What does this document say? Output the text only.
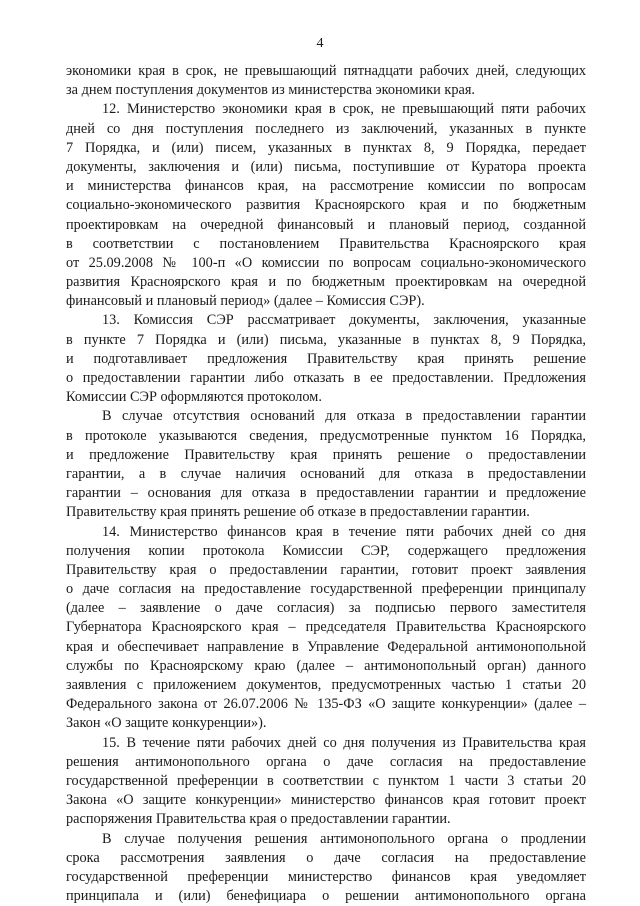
4
экономики края в срок, не превышающий пятнадцати рабочих дней, следующих
за днем поступления документов из министерства экономики края.
12. Министерство экономики края в срок, не превышающий пяти рабочих
дней со дня поступления последнего из заключений, указанных в пункте
7 Порядка, и (или) писем, указанных в пунктах 8, 9 Порядка, передает
документы, заключения и (или) письма, поступившие от Куратора проекта
и министерства финансов края, на рассмотрение комиссии по вопросам
социально-экономического развития Красноярского края и по бюджетным
проектировкам на очередной финансовый и плановый период, созданной
в соответствии с постановлением Правительства Красноярского края
от 25.09.2008 № 100-п «О комиссии по вопросам социально-экономического
развития Красноярского края и по бюджетным проектировкам на очередной
финансовый и плановый период» (далее – Комиссия СЭР).
13. Комиссия СЭР рассматривает документы, заключения, указанные
в пункте 7 Порядка и (или) письма, указанные в пунктах 8, 9 Порядка,
и подготавливает предложения Правительству края принять решение
о предоставлении гарантии либо отказать в ее предоставлении. Предложения
Комиссии СЭР оформляются протоколом.
В случае отсутствия оснований для отказа в предоставлении гарантии
в протоколе указываются сведения, предусмотренные пунктом 16 Порядка,
и предложение Правительству края принять решение о предоставлении
гарантии, а в случае наличия оснований для отказа в предоставлении
гарантии – основания для отказа в предоставлении гарантии и предложение
Правительству края принять решение об отказе в предоставлении гарантии.
14. Министерство финансов края в течение пяти рабочих дней со дня
получения копии протокола Комиссии СЭР, содержащего предложения
Правительству края о предоставлении гарантии, готовит проект заявления
о даче согласия на предоставление государственной преференции принципалу
(далее – заявление о даче согласия) за подписью первого заместителя
Губернатора Красноярского края – председателя Правительства Красноярского
края и обеспечивает направление в Управление Федеральной антимонопольной
службы по Красноярскому краю (далее – антимонопольный орган) данного
заявления с приложением документов, предусмотренных частью 1 статьи 20
Федерального закона от 26.07.2006 № 135-ФЗ «О защите конкуренции» (далее –
Закон «О защите конкуренции»).
15. В течение пяти рабочих дней со дня получения из Правительства края
решения антимонопольного органа о даче согласия на предоставление
государственной преференции в соответствии с пунктом 1 части 3 статьи 20
Закона «О защите конкуренции» министерство финансов края готовит проект
распоряжения Правительства края о предоставлении гарантии.
В случае получения решения антимонопольного органа о продлении
срока рассмотрения заявления о даче согласия на предоставление
государственной преференции министерство финансов края уведомляет
принципала и (или) бенефициара о решении антимонопольного органа
